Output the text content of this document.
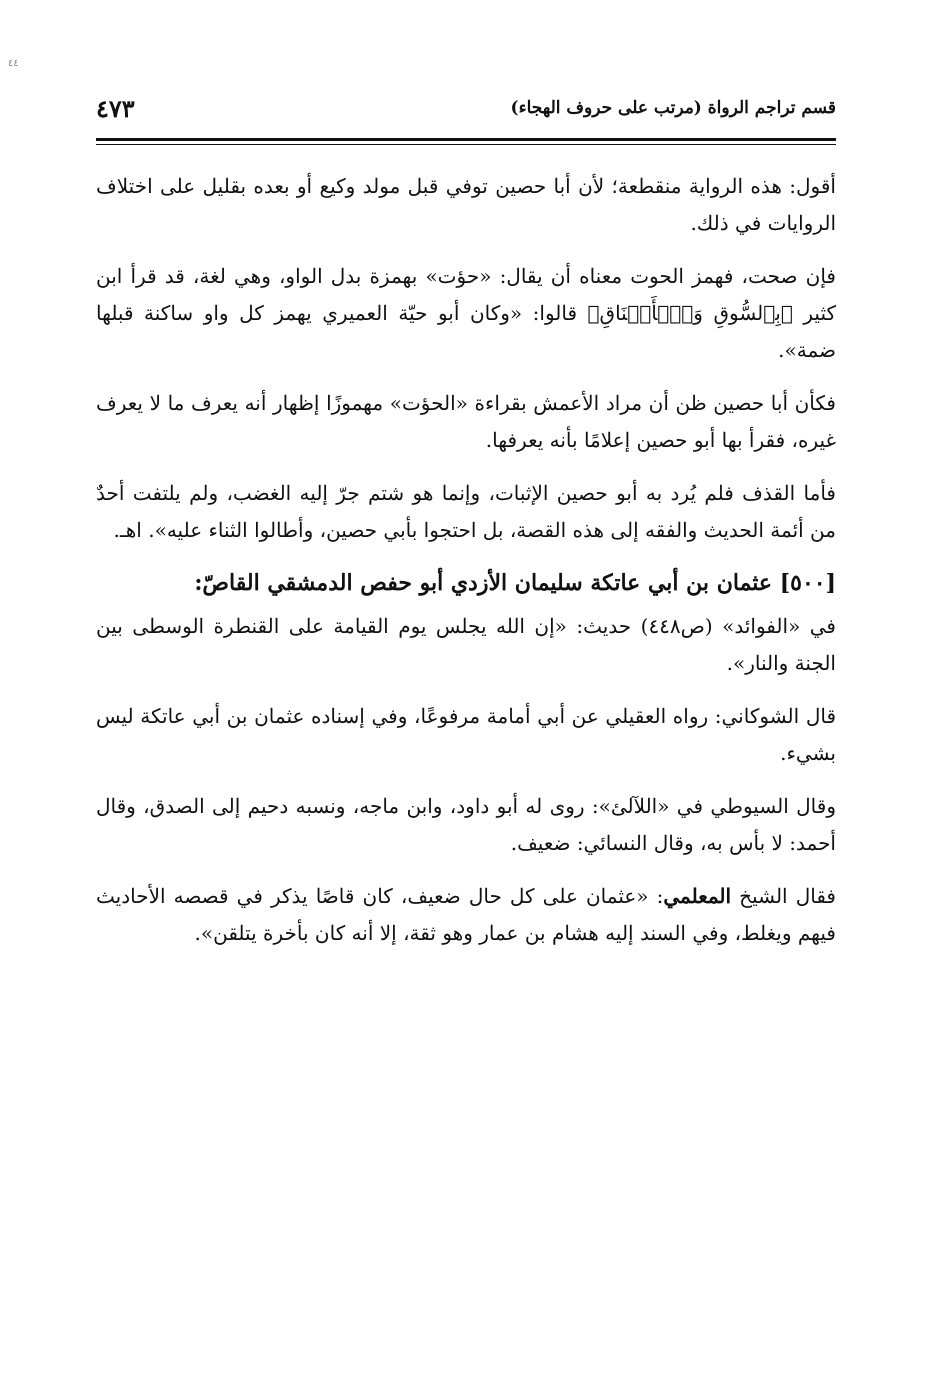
٤٤
قسم تراجم الرواة (مرتب على حروف الهجاء)
٤٧٣

أقول: هذه الرواية منقطعة؛ لأن أبا حصين توفي قبل مولد وكيع أو بعده بقليل على اختلاف الروايات في ذلك.

فإن صحت، فهمز الحوت معناه أن يقال: «حؤت» بهمزة بدل الواو، وهي لغة، قد قرأ ابن كثير ﴿بِٱلسُّوقِ وَٱلۡأَعۡنَاقِ﴾ قالوا: «وكان أبو حيّة العميري يهمز كل واو ساكنة قبلها ضمة».

فكأن أبا حصين ظن أن مراد الأعمش بقراءة «الحؤت» مهموزًا إظهار أنه يعرف ما لا يعرف غيره، فقرأ بها أبو حصين إعلامًا بأنه يعرفها.

فأما القذف فلم يُرد به أبو حصين الإثبات، وإنما هو شتم جرّ إليه الغضب، ولم يلتفت أحدٌ من أئمة الحديث والفقه إلى هذه القصة، بل احتجوا بأبي حصين، وأطالوا الثناء عليه». اهـ.

[٥٠٠] عثمان بن أبي عاتكة سليمان الأزدي أبو حفص الدمشقي القاصّ:

في «الفوائد» (ص٤٤٨) حديث: «إن الله يجلس يوم القيامة على القنطرة الوسطى بين الجنة والنار».

قال الشوكاني: رواه العقيلي عن أبي أمامة مرفوعًا، وفي إسناده عثمان بن أبي عاتكة ليس بشيء.

وقال السيوطي في «اللآلئ»: روى له أبو داود، وابن ماجه، ونسبه دحيم إلى الصدق، وقال أحمد: لا بأس به، وقال النسائي: ضعيف.

فقال الشيخ المعلمي: «عثمان على كل حال ضعيف، كان قاصًا يذكر في قصصه الأحاديث فيهم ويغلط، وفي السند إليه هشام بن عمار وهو ثقة، إلا أنه كان بأخرة يتلقن».
